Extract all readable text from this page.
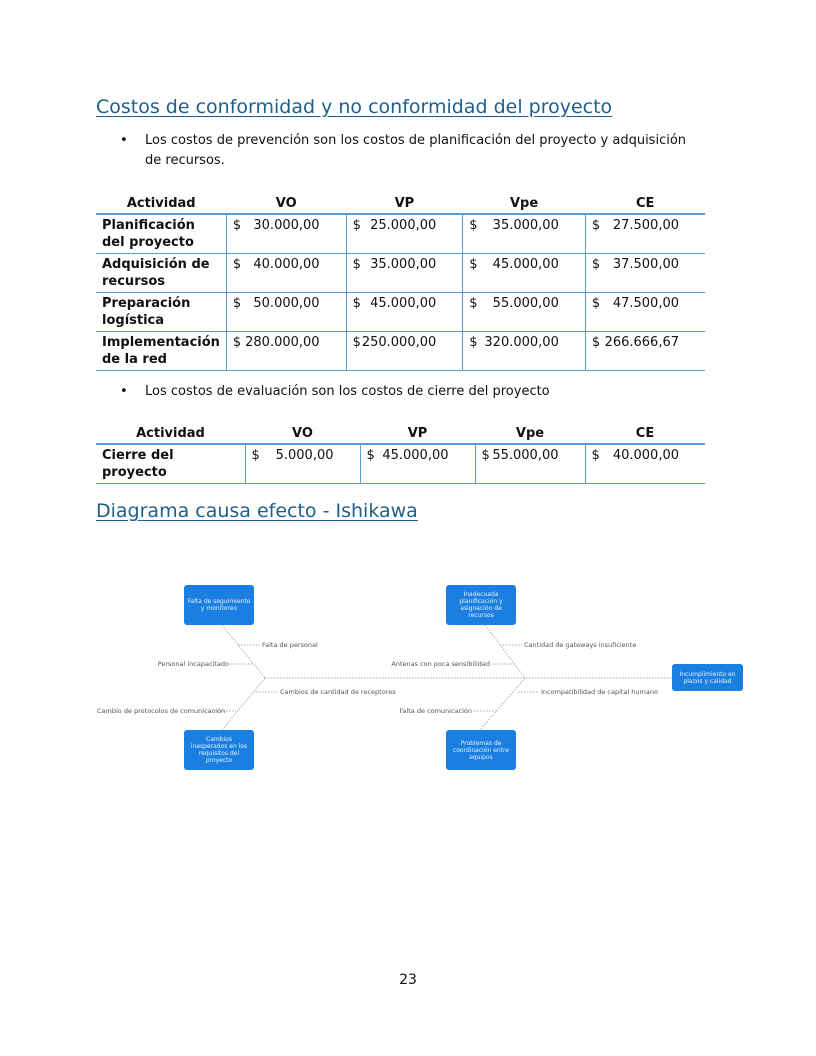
Costos de conformidad y no conformidad del proyecto
•	Los costos de prevención son los costos de planificación del proyecto y adquisición de recursos.
Actividad	VO	VP	Vpe	CE
Planificación del proyecto	$ 30.000,00	$ 25.000,00	$ 35.000,00	$ 27.500,00

Adquisición de recursos	$ 40.000,00	$ 35.000,00	$ 45.000,00	$ 37.500,00

Preparación logística	$ 50.000,00	$ 45.000,00	$ 55.000,00	$ 47.500,00

Implementación de la red	$ 280.000,00	$ 250.000,00	$ 320.000,00	$ 266.666,67
•	Los costos de evaluación son los costos de cierre del proyecto
Actividad	VO	VP	Vpe	CE
Cierre del proyecto	$ 5.000,00	$ 45.000,00	$ 55.000,00	$ 40.000,00
Diagrama causa efecto - Ishikawa
Falta de seguimiento y monitoreo
Cambios inesperados en los requisitos del proyecto
Inadecuada planificación y asignación de recursos
Problemas de coordinación entre equipos
Incumplimiento en plazos y calidad
Falta de personal
Personal incapacitado
Cambios de cantidad de receptores
Cambio de protocolos de comunicación
Cantidad de gateways insuficiente
Antenas con poca sensibilidad
Incompatibilidad de capital humano
Falta de comunicación
23
